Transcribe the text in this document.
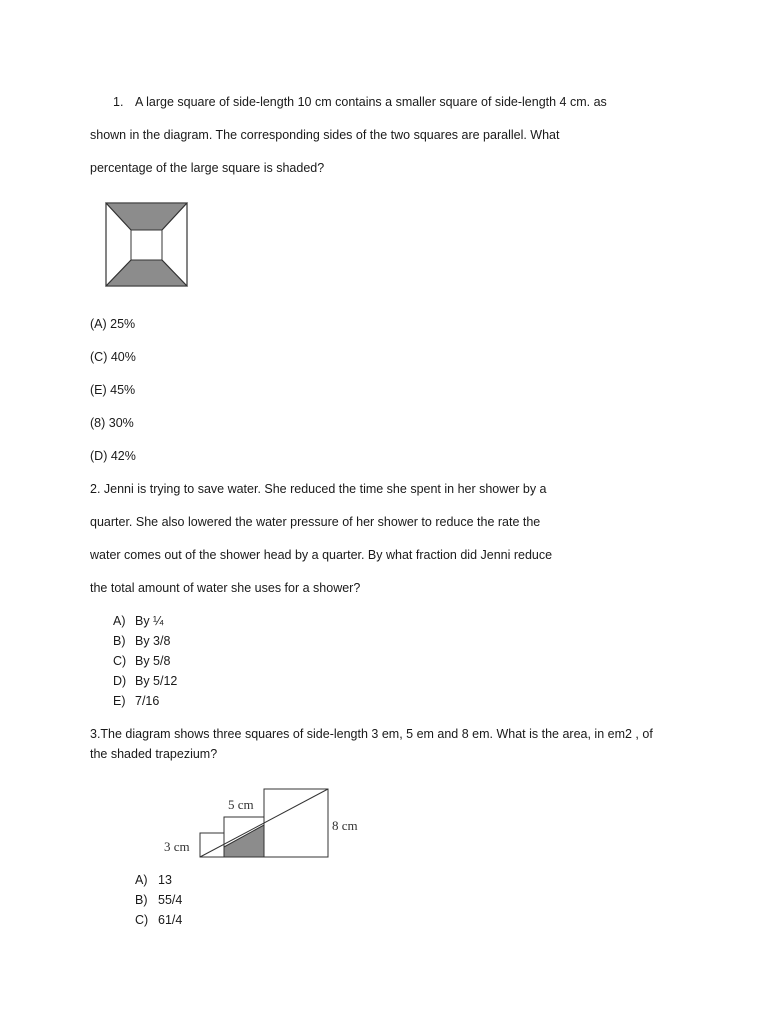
1. A large square of side-length 10 cm contains a smaller square of side-length 4 cm. as
shown in the diagram. The corresponding sides of the two squares are parallel. What
percentage of the large square is shaded?
(A) 25%
(C) 40%
(E) 45%
(8) 30%
(D) 42%
2. Jenni is trying to save water. She reduced the time she spent in her shower by a
quarter. She also lowered the water pressure of her shower to reduce the rate the
water comes out of the shower head by a quarter. By what fraction did Jenni reduce
the total amount of water she uses for a shower?
A) By ¼
B) By 3/8
C) By 5/8
D) By 5/12
E) 7/16
3.The diagram shows three squares of side-length 3 em, 5 em and 8 em. What is the area, in em2 , of
the shaded trapezium?
3 cm
5 cm
8 cm
A) 13
B) 55/4
C) 61/4
